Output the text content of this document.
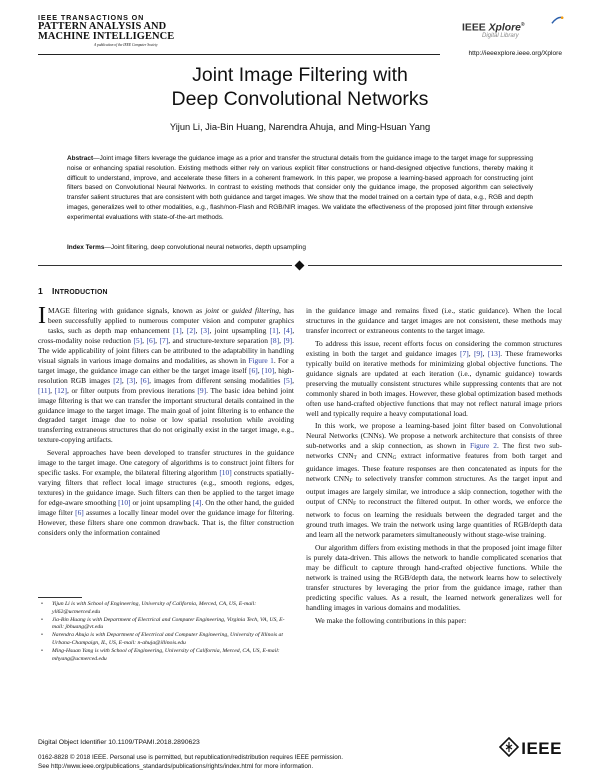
IEEE TRANSACTIONS ON
PATTERN ANALYSIS AND
MACHINE INTELLIGENCE
A publication of the IEEE Computer Society
IEEE Xplore®
Digital Library
http://ieeexplore.ieee.org/Xplore
Joint Image Filtering with
Deep Convolutional Networks
Yijun Li, Jia-Bin Huang, Narendra Ahuja, and Ming-Hsuan Yang
Abstract—Joint image filters leverage the guidance image as a prior and transfer the structural details from the guidance image to the target image for suppressing noise or enhancing spatial resolution. Existing methods either rely on various explicit filter constructions or hand-designed objective functions, thereby making it difficult to understand, improve, and accelerate these filters in a coherent framework. In this paper, we propose a learning-based approach for constructing joint filters based on Convolutional Neural Networks. In contrast to existing methods that consider only the guidance image, the proposed algorithm can selectively transfer salient structures that are consistent with both guidance and target images. We show that the model trained on a certain type of data, e.g., RGB and depth images, generalizes well to other modalities, e.g., flash/non-Flash and RGB/NIR images. We validate the effectiveness of the proposed joint filter through extensive experimental evaluations with state-of-the-art methods.
Index Terms—Joint filtering, deep convolutional neural networks, depth upsampling
1 INTRODUCTION

IMAGE filtering with guidance signals, known as joint or guided filtering, has been successfully applied to numerous computer vision and computer graphics tasks, such as depth map enhancement [1], [2], [3], joint upsampling [1], [4], cross-modality noise reduction [5], [6], [7], and structure-texture separation [8], [9]. The wide applicability of joint filters can be attributed to the adaptability in handling visual signals in various image domains and modalities, as shown in Figure 1. For a target image, the guidance image can either be the target image itself [6], [10], high-resolution RGB images [2], [3], [6], images from different sensing modalities [5], [11], [12], or filter outputs from previous iterations [9]. The basic idea behind joint image filtering is that we can transfer the important structural details contained in the guidance image to the target image. The main goal of joint filtering is to enhance the degraded target image due to noise or low spatial resolution while avoiding transferring extraneous structures that do not originally exist in the target image, e.g., texture-copying artifacts.

Several approaches have been developed to transfer structures in the guidance image to the target image. One category of algorithms is to construct joint filters for specific tasks. For example, the bilateral filtering algorithm [10] constructs spatially-varying filters that reflect local image structures (e.g., smooth regions, edges, textures) in the guidance image. Such filters can then be applied to the target image for edge-aware smoothing [10] or joint upsampling [4]. On the other hand, the guided image filter [6] assumes a locally linear model over the guidance image for filtering. However, these filters share one common drawback. That is, the filter construction considers only the information contained

• Yijun Li is with School of Engineering, University of California, Merced, CA, US, E-mail: yli62@ucmerced.edu
• Jia-Bin Huang is with Department of Electrical and Computer Engineering, Virginia Tech, VA, US, E-mail: jbhuang@vt.edu
• Narendra Ahuja is with Department of Electrical and Computer Engineering, University of Illinois at Urbana-Champaign, IL, US, E-mail: n-ahuja@illinois.edu
• Ming-Hsuan Yang is with School of Engineering, University of California, Merced, CA, US, E-mail: mhyang@ucmerced.edu

in the guidance image and remains fixed (i.e., static guidance). When the local structures in the guidance and target images are not consistent, these methods may transfer incorrect or extraneous contents to the target image.

To address this issue, recent efforts focus on considering the common structures existing in both the target and guidance images [7], [9], [13]. These frameworks typically build on iterative methods for minimizing global objective functions. The guidance signals are updated at each iteration (i.e., dynamic guidance) towards preserving the mutually consistent structures while suppressing contents that are not commonly shared in both images. However, these global optimization based methods often use hand-crafted objective functions that may not reflect natural image priors well and typically require a heavy computational load.

In this work, we propose a learning-based joint filter based on Convolutional Neural Networks (CNNs). We propose a network architecture that consists of three sub-networks and a skip connection, as shown in Figure 2. The first two sub-networks CNNT and CNNG extract informative features from both target and guidance images. These feature responses are then concatenated as inputs for the network CNNF to selectively transfer common structures. As the target input and output images are largely similar, we introduce a skip connection, together with the output of CNNF to reconstruct the filtered output. In other words, we enforce the network to focus on learning the residuals between the degraded target and the ground truth images. We train the network using large quantities of RGB/depth data and learn all the network parameters simultaneously without stage-wise training.

Our algorithm differs from existing methods in that the proposed joint image filter is purely data-driven. This allows the network to handle complicated scenarios that may be difficult to capture through hand-crafted objective functions. While the network is trained using the RGB/depth data, the network learns how to selectively transfer structures by leveraging the prior from the guidance image, rather than predicting specific values. As a result, the learned network generalizes well for handling images in various domains and modalities.

We make the following contributions in this paper:

Digital Object Identifier 10.1109/TPAMI.2018.2890623
0162-8828 © 2018 IEEE. Personal use is permitted, but republication/redistribution requires IEEE permission.
See http://www.ieee.org/publications_standards/publications/rights/index.html for more information.
IEEE
